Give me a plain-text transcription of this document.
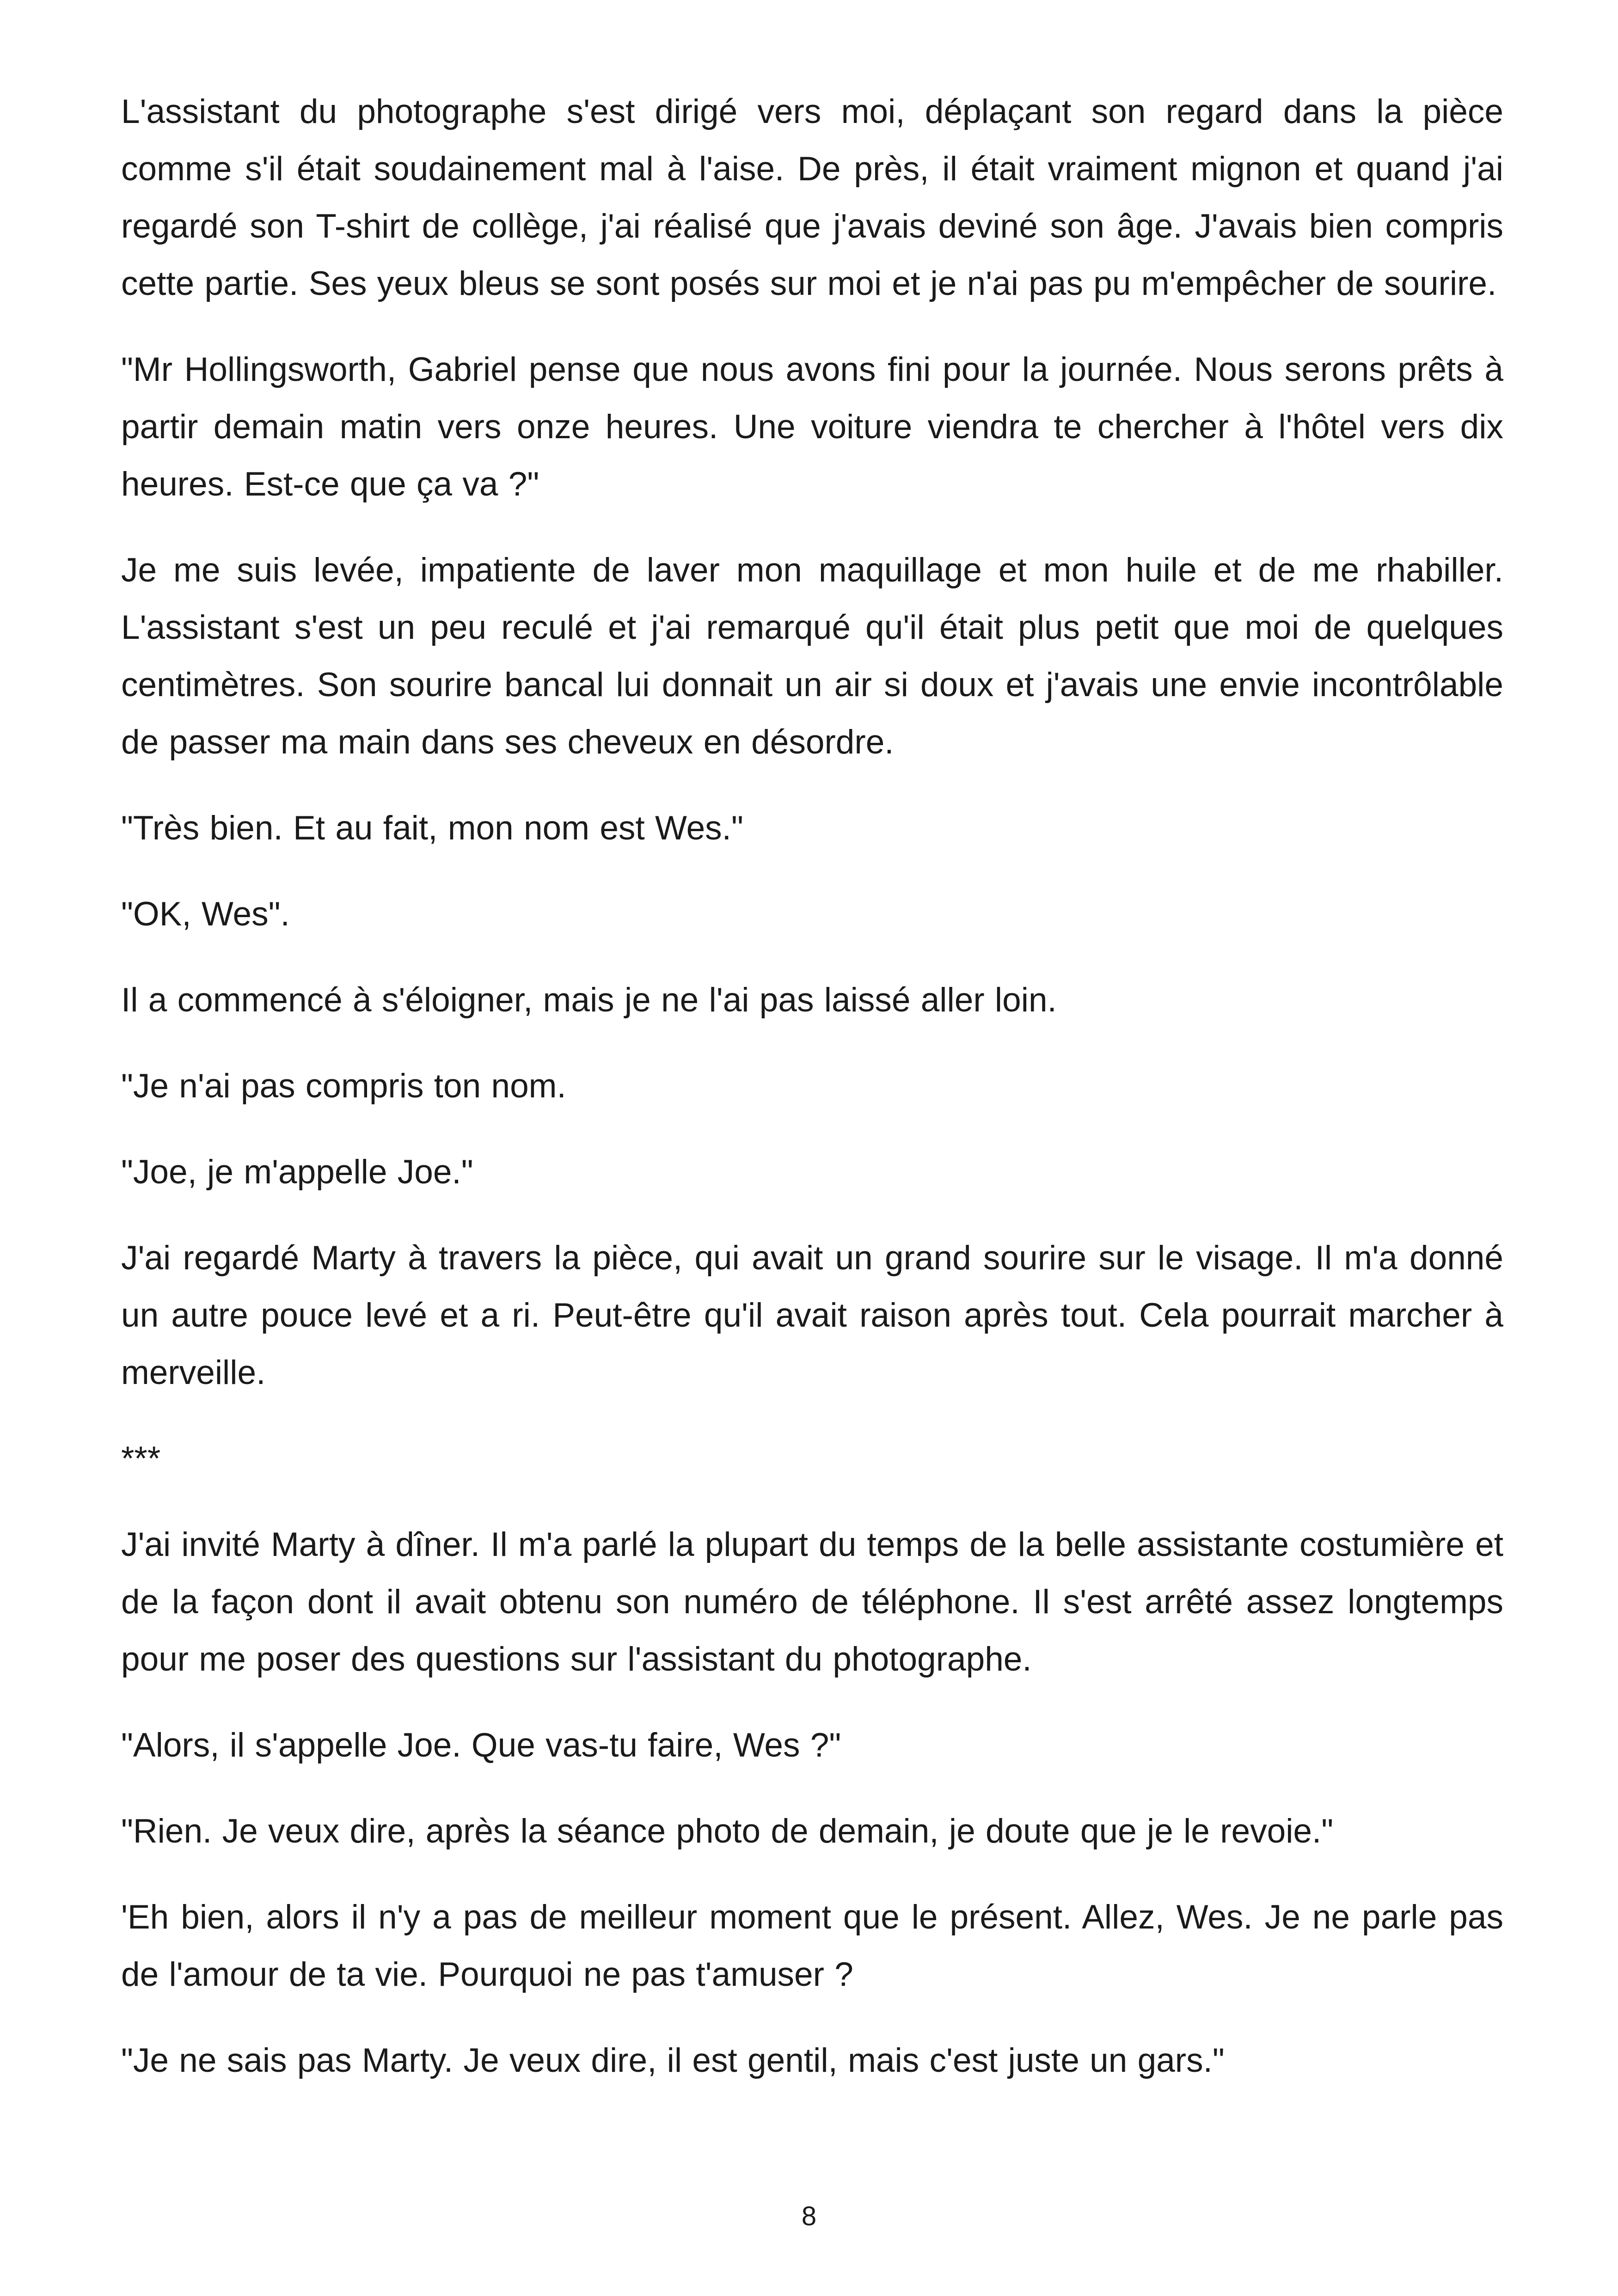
L'assistant du photographe s'est dirigé vers moi, déplaçant son regard dans la pièce comme s'il était soudainement mal à l'aise. De près, il était vraiment mignon et quand j'ai regardé son T-shirt de collège, j'ai réalisé que j'avais deviné son âge. J'avais bien compris cette partie. Ses yeux bleus se sont posés sur moi et je n'ai pas pu m'empêcher de sourire.

"Mr Hollingsworth, Gabriel pense que nous avons fini pour la journée. Nous serons prêts à partir demain matin vers onze heures. Une voiture viendra te chercher à l'hôtel vers dix heures. Est-ce que ça va ?"

Je me suis levée, impatiente de laver mon maquillage et mon huile et de me rhabiller. L'assistant s'est un peu reculé et j'ai remarqué qu'il était plus petit que moi de quelques centimètres. Son sourire bancal lui donnait un air si doux et j'avais une envie incontrôlable de passer ma main dans ses cheveux en désordre.

"Très bien. Et au fait, mon nom est Wes."

"OK, Wes".

Il a commencé à s'éloigner, mais je ne l'ai pas laissé aller loin.

"Je n'ai pas compris ton nom.

"Joe, je m'appelle Joe."

J'ai regardé Marty à travers la pièce, qui avait un grand sourire sur le visage. Il m'a donné un autre pouce levé et a ri. Peut-être qu'il avait raison après tout. Cela pourrait marcher à merveille.

***

J'ai invité Marty à dîner. Il m'a parlé la plupart du temps de la belle assistante costumière et de la façon dont il avait obtenu son numéro de téléphone. Il s'est arrêté assez longtemps pour me poser des questions sur l'assistant du photographe.

"Alors, il s'appelle Joe. Que vas-tu faire, Wes ?"

"Rien. Je veux dire, après la séance photo de demain, je doute que je le revoie."

'Eh bien, alors il n'y a pas de meilleur moment que le présent. Allez, Wes. Je ne parle pas de l'amour de ta vie. Pourquoi ne pas t'amuser ?

"Je ne sais pas Marty. Je veux dire, il est gentil, mais c'est juste un gars."

8
